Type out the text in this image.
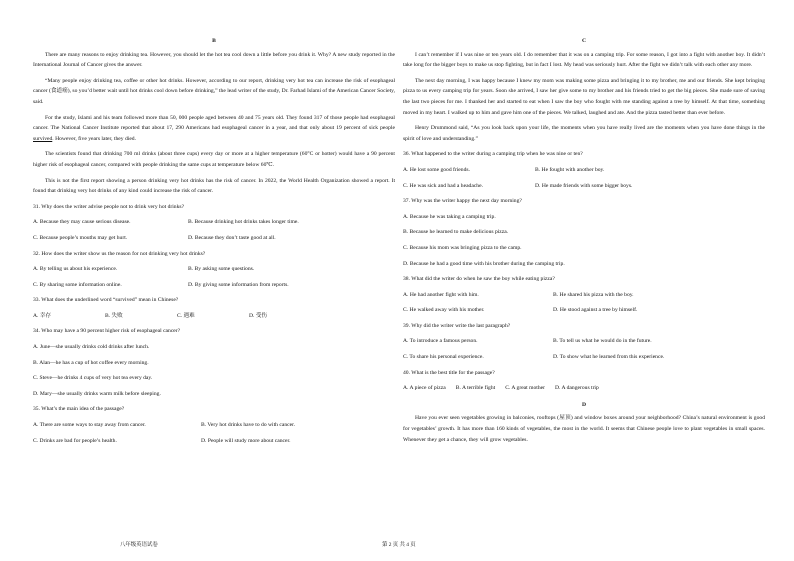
B

There are many reasons to enjoy drinking tea. However, you should let the hot tea cool down a little before you drink it. Why? A new study reported in the International Journal of Cancer gives the answer.

“Many people enjoy drinking tea, coffee or other hot drinks. However, according to our report, drinking very hot tea can increase the risk of esophageal cancer (食道癌), so you’d better wait until hot drinks cool down before drinking,” the lead writer of the study, Dr. Farhad Islami of the American Cancer Society, said.

For the study, Islami and his team followed more than 50, 000 people aged between 40 and 75 years old. They found 317 of those people had esophageal cancer. The National Cancer Institute reported that about 17, 290 Americans had esophageal cancer in a year, and that only about 19 percent of sick people survived. However, five years later, they died.

The scientists found that drinking 700 ml drinks (about three cups) every day or more at a higher temperature (60°C or hotter) would have a 90 percent higher risk of esophageal cancer, compared with people drinking the same cups at temperature below 60℃.

This is not the first report showing a person drinking very hot drinks has the risk of cancer. In 2022, the World Health Organization showed a report. It found that drinking very hot drinks of any kind could increase the risk of cancer.

31. Why does the writer advise people not to drink very hot drinks?
A. Because they may cause serious disease.	B. Because drinking hot drinks takes longer time.
C. Because people’s mouths may get hurt.	D. Because they don’t taste good at all.
32. How does the writer show us the reason for not drinking very hot drinks?
A. By telling us about his experience.	B. By asking some questions.
C. By sharing some information online.	D. By giving some information from reports.
33. What does the underlined word “survived” mean in Chinese?
A. 幸存	B. 失败	C. 遇难	D. 受伤
34. Who may have a 90 percent higher risk of esophageal cancer?
A. June—she usually drinks cold drinks after lunch.
B. Alan—he has a cup of hot coffee every morning.
C. Steve—he drinks 4 cups of very hot tea every day.
D. Mary—she usually drinks warm milk before sleeping.
35. What’s the main idea of the passage?
A. There are some ways to stay away from cancer.	B. Very hot drinks have to do with cancer.
C. Drinks are bad for people’s health.	D. People will study more about cancer.
C

I can’t remember if I was nine or ten years old. I do remember that it was on a camping trip. For some reason, I got into a fight with another boy. It didn’t take long for the bigger boys to make us stop fighting, but in fact I lost. My head was seriously hurt. After the fight we didn’t talk with each other any more.

The next day morning, I was happy because I knew my mom was making some pizza and bringing it to my brother, me and our friends. She kept bringing pizza to us every camping trip for years. Soon she arrived, I saw her give some to my brother and his friends tried to get the big pieces. She made sure of saving the last two pieces for me. I thanked her and started to eat when I saw the boy who fought with me standing against a tree by himself. At that time, something moved in my heart. I walked up to him and gave him one of the pieces. We talked, laughed and ate. And the pizza tasted better than ever before.

Henry Drummond said, “As you look back upon your life, the moments when you have really lived are the moments when you have done things in the spirit of love and understanding.”

36. What happened to the writer during a camping trip when he was nine or ten?
A. He lost some good friends.	B. He fought with another boy.
C. He was sick and had a headache.	D. He made friends with some bigger boys.
37. Why was the writer happy the next day morning?
A. Because he was taking a camping trip.
B. Because he learned to make delicious pizza.
C. Because his mom was bringing pizza to the camp.
D. Because he had a good time with his brother during the camping trip.
38. What did the writer do when he saw the boy while eating pizza?
A. He had another fight with him.	B. He shared his pizza with the boy.
C. He walked away with his mother.	D. He stood against a tree by himself.
39. Why did the writer write the last paragraph?
A. To introduce a famous person.	B. To tell us what he would do in the future.
C. To share his personal experience.	D. To show what he learned from this experience.
40. What is the best title for the passage?
A. A piece of pizza B. A terrible fight C. A great mother D. A dangerous trip
D

Have you ever seen vegetables growing in balconies, rooftops (屋顶) and window boxes around your neighborhood? China’s natural environment is good for vegetables’ growth. It has more than 160 kinds of vegetables, the most in the world. It seems that Chinese people love to plant vegetables in small spaces. Whenever they get a chance, they will grow vegetables.

八年级英语试卷	第 2 页 共 4 页
